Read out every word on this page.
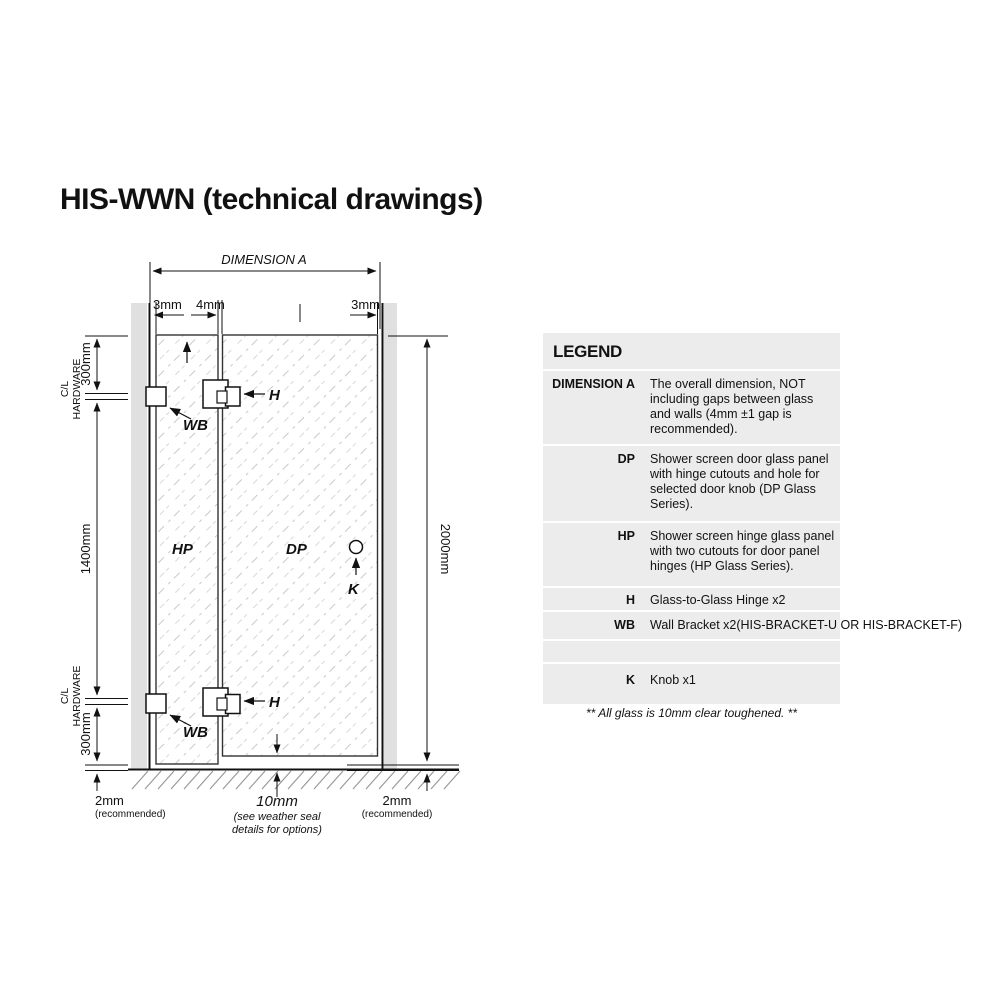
HIS-WWN (technical drawings)
DIMENSION A
3mm 4mm	3mm
300mm
1400mm
300mm
C/L HARDWARE
C/L HARDWARE
2000mm
HP	DP
WB
WB
H
H
K
2mm
(recommended)
10mm
(see weather seal
details for options)
2mm
(recommended)
LEGEND
DIMENSION A The overall dimension, NOT including gaps between glass and walls (4mm ±1 gap is recommended).
DP Shower screen door glass panel with hinge cutouts and hole for selected door knob (DP Glass Series).
HP Shower screen hinge glass panel with two cutouts for door panel hinges (HP Glass Series).
H Glass-to-Glass Hinge x2
WB Wall Bracket x2(HIS-BRACKET-U OR HIS-BRACKET-F)
K Knob x1
** All glass is 10mm clear toughened. **
